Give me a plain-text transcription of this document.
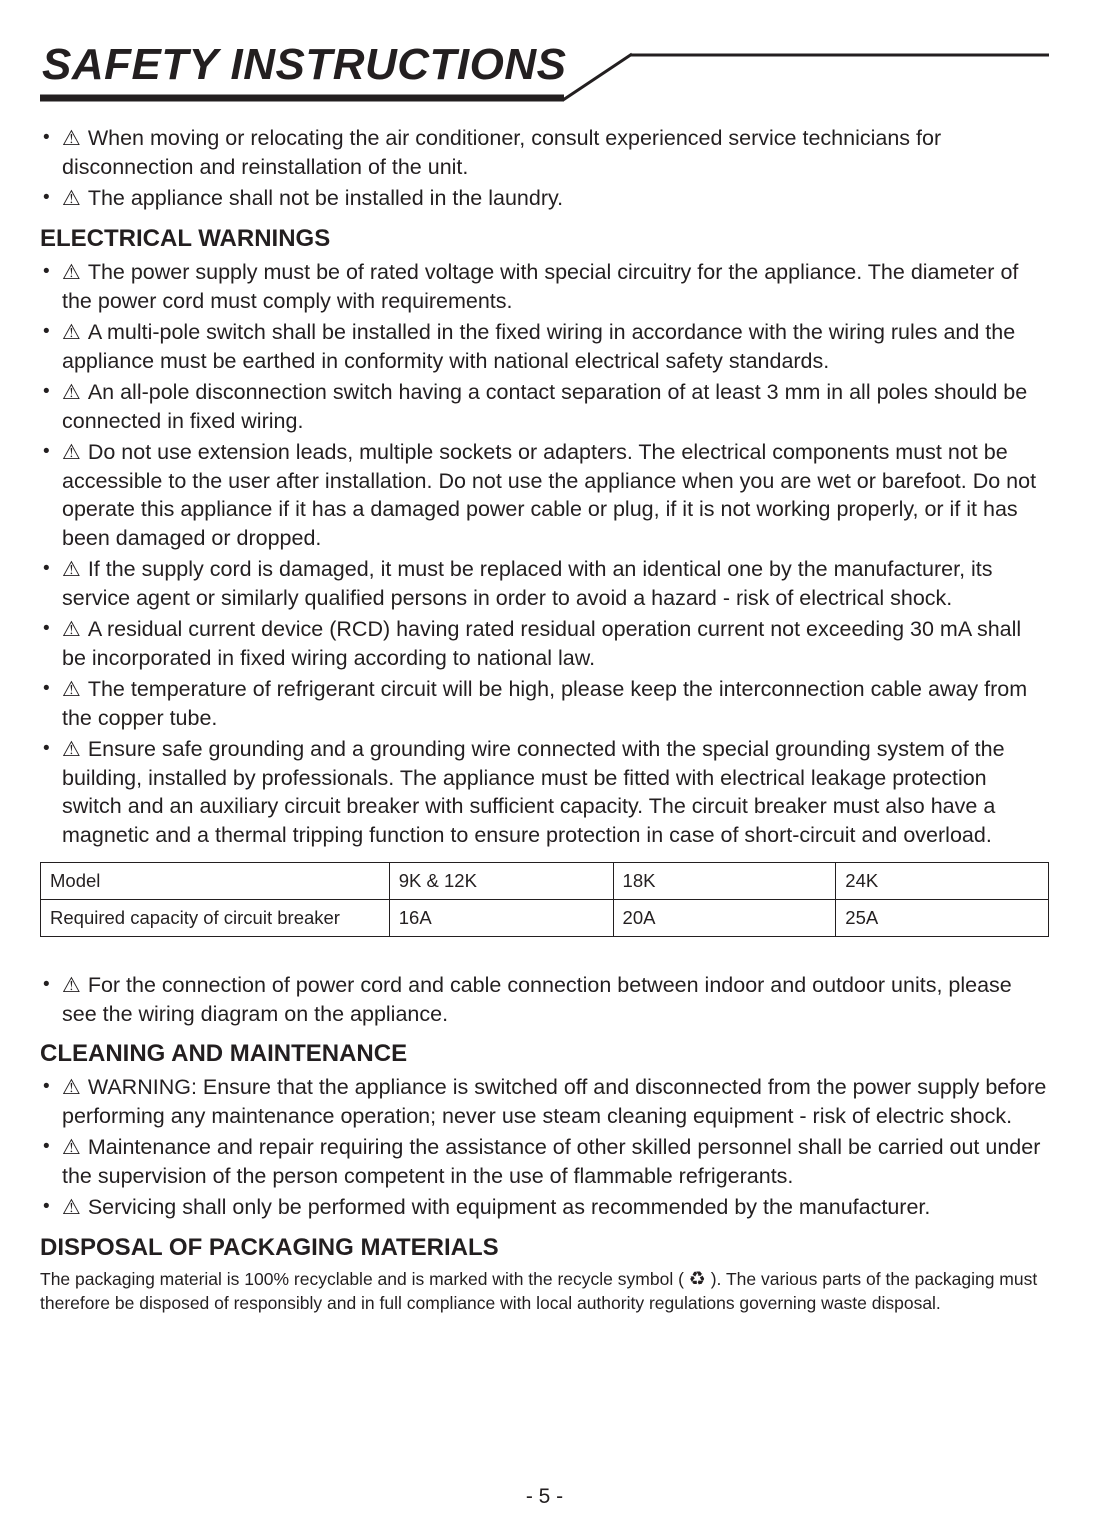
SAFETY INSTRUCTIONS
• ⚠ When moving or relocating the air conditioner, consult experienced service technicians for disconnection and reinstallation of the unit.
• ⚠ The appliance shall not be installed in the laundry.
ELECTRICAL WARNINGS
• ⚠ The power supply must be of rated voltage with special circuitry for the appliance. The diameter of the power cord must comply with requirements.
• ⚠ A multi-pole switch shall be installed in the fixed wiring in accordance with the wiring rules and the appliance must be earthed in conformity with national electrical safety standards.
• ⚠ An all-pole disconnection switch having a contact separation of at least 3 mm in all poles should be connected in fixed wiring.
• ⚠ Do not use extension leads, multiple sockets or adapters. The electrical components must not be accessible to the user after installation. Do not use the appliance when you are wet or barefoot. Do not operate this appliance if it has a damaged power cable or plug, if it is not working properly, or if it has been damaged or dropped.
• ⚠ If the supply cord is damaged, it must be replaced with an identical one by the manufacturer, its service agent or similarly qualified persons in order to avoid a hazard - risk of electrical shock.
• ⚠ A residual current device (RCD) having rated residual operation current not exceeding 30 mA shall be incorporated in fixed wiring according to national law.
• ⚠ The temperature of refrigerant circuit will be high, please keep the interconnection cable away from the copper tube.
• ⚠ Ensure safe grounding and a grounding wire connected with the special grounding system of the building, installed by professionals. The appliance must be fitted with electrical leakage protection switch and an auxiliary circuit breaker with sufficient capacity. The circuit breaker must also have a magnetic and a thermal tripping function to ensure protection in case of short-circuit and overload.
Model	9K & 12K	18K	24K
Required capacity of circuit breaker	16A	20A	25A
• ⚠ For the connection of power cord and cable connection between indoor and outdoor units, please see the wiring diagram on the appliance.
CLEANING AND MAINTENANCE
• ⚠ WARNING: Ensure that the appliance is switched off and disconnected from the power supply before performing any maintenance operation; never use steam cleaning equipment - risk of electric shock.
• ⚠ Maintenance and repair requiring the assistance of other skilled personnel shall be carried out under the supervision of the person competent in the use of flammable refrigerants.
• ⚠ Servicing shall only be performed with equipment as recommended by the manufacturer.
DISPOSAL OF PACKAGING MATERIALS
The packaging material is 100% recyclable and is marked with the recycle symbol ( ♻ ). The various parts of the packaging must therefore be disposed of responsibly and in full compliance with local authority regulations governing waste disposal.
- 5 -
